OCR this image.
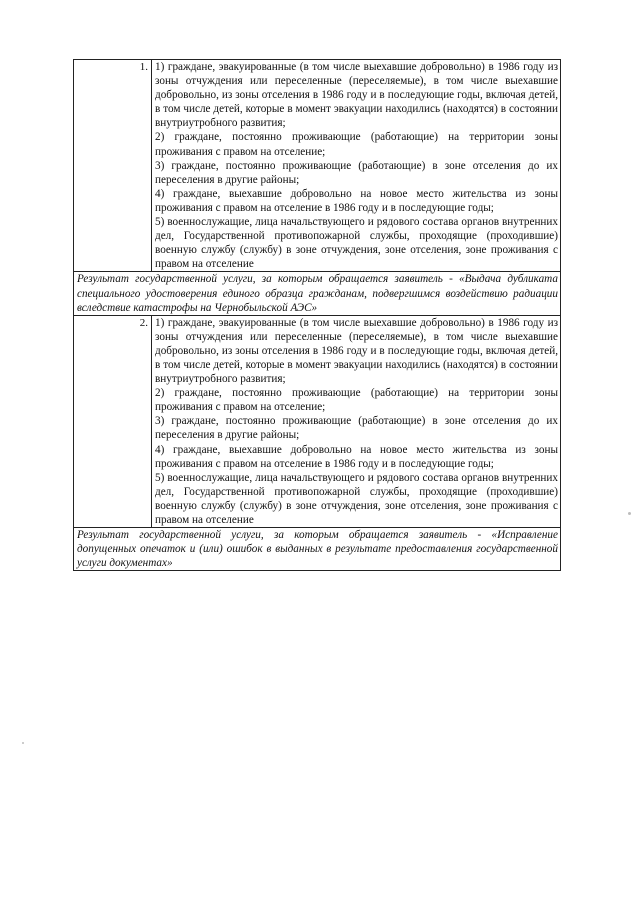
1.	1) граждане, эвакуированные (в том числе выехавшие добровольно) в 1986 году из зоны отчуждения или переселенные (переселяемые), в том числе выехавшие добровольно, из зоны отселения в 1986 году и в последующие годы, включая детей, в том числе детей, которые в момент эвакуации находились (находятся) в состоянии внутриутробного развития;

2) граждане, постоянно проживающие (работающие) на территории зоны проживания с правом на отселение;

3) граждане, постоянно проживающие (работающие) в зоне отселения до их переселения в другие районы;

4) граждане, выехавшие добровольно на новое место жительства из зоны проживания с правом на отселение в 1986 году и в последующие годы;

5) военнослужащие, лица начальствующего и рядового состава органов внутренних дел, Государственной противопожарной службы, проходящие (проходившие) военную службу (службу) в зоне отчуждения, зоне отселения, зоне проживания с правом на отселение

Результат государственной услуги, за которым обращается заявитель - «Выдача дубликата специального удостоверения единого образца гражданам, подвергшимся воздействию радиации вследствие катастрофы на Чернобыльской АЭС»	

2.	1) граждане, эвакуированные (в том числе выехавшие добровольно) в 1986 году из зоны отчуждения или переселенные (переселяемые), в том числе выехавшие добровольно, из зоны отселения в 1986 году и в последующие годы, включая детей, в том числе детей, которые в момент эвакуации находились (находятся) в состоянии внутриутробного развития;

2) граждане, постоянно проживающие (работающие) на территории зоны проживания с правом на отселение;

3) граждане, постоянно проживающие (работающие) в зоне отселения до их переселения в другие районы;

4) граждане, выехавшие добровольно на новое место жительства из зоны проживания с правом на отселение в 1986 году и в последующие годы;

5) военнослужащие, лица начальствующего и рядового состава органов внутренних дел, Государственной противопожарной службы, проходящие (проходившие) военную службу (службу) в зоне отчуждения, зоне отселения, зоне проживания с правом на отселение

Результат государственной услуги, за которым обращается заявитель - «Исправление допущенных опечаток и (или) ошибок в выданных в результате предоставления государственной услуги документах»	
